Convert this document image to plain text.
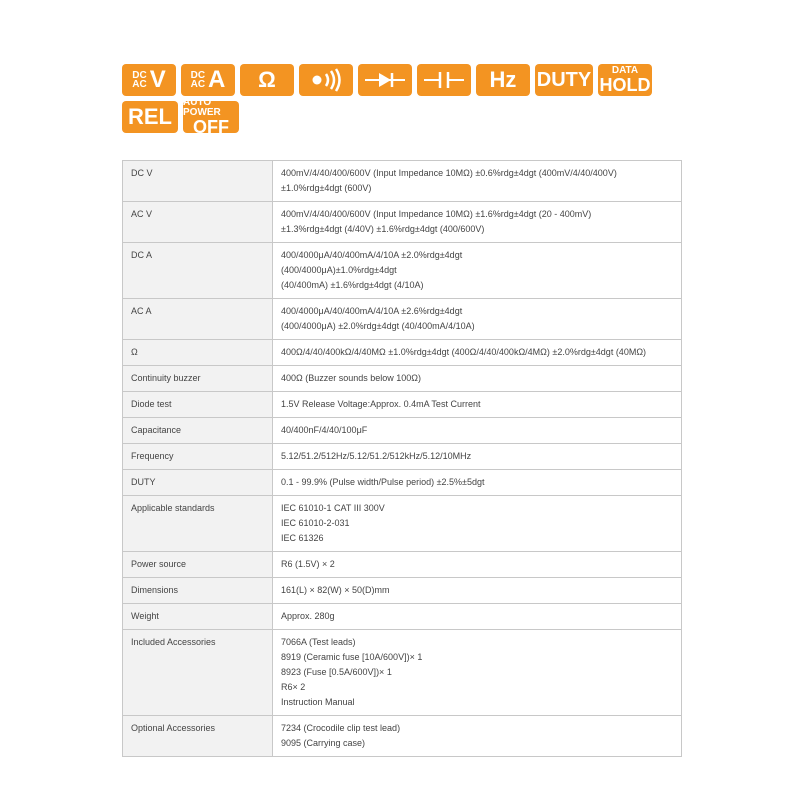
DC
AC V DC
AC A Ω	Hz DUTY DATA
HOLD
REL
AUTO POWER
OFF
DC V	400mV/4/40/400/600V (Input Impedance 10MΩ) ±0.6%rdg±4dgt (400mV/4/40/400V)
±1.0%rdg±4dgt (600V)

AC V	400mV/4/40/400/600V (Input Impedance 10MΩ) ±1.6%rdg±4dgt (20 - 400mV)
±1.3%rdg±4dgt (4/40V) ±1.6%rdg±4dgt (400/600V)

DC A	400/4000μA/40/400mA/4/10A ±2.0%rdg±4dgt
(400/4000μA)±1.0%rdg±4dgt
(40/400mA) ±1.6%rdg±4dgt (4/10A)

AC A	400/4000μA/40/400mA/4/10A ±2.6%rdg±4dgt
(400/4000μA) ±2.0%rdg±4dgt (40/400mA/4/10A)

Ω	400Ω/4/40/400kΩ/4/40MΩ ±1.0%rdg±4dgt (400Ω/4/40/400kΩ/4MΩ) ±2.0%rdg±4dgt (40MΩ)

Continuity buzzer	400Ω (Buzzer sounds below 100Ω)

Diode test	1.5V Release Voltage:Approx. 0.4mA Test Current

Capacitance	40/400nF/4/40/100μF

Frequency	5.12/51.2/512Hz/5.12/51.2/512kHz/5.12/10MHz

DUTY	0.1 - 99.9% (Pulse width/Pulse period) ±2.5%±5dgt

Applicable standards	IEC 61010-1 CAT III 300V
IEC 61010-2-031
IEC 61326

Power source	R6 (1.5V) × 2

Dimensions	161(L) × 82(W) × 50(D)mm

Weight	Approx. 280g

Included Accessories	7066A (Test leads)
8919 (Ceramic fuse [10A/600V])× 1
8923 (Fuse [0.5A/600V])× 1
R6× 2
Instruction Manual

Optional Accessories	7234 (Crocodile clip test lead)
9095 (Carrying case)
